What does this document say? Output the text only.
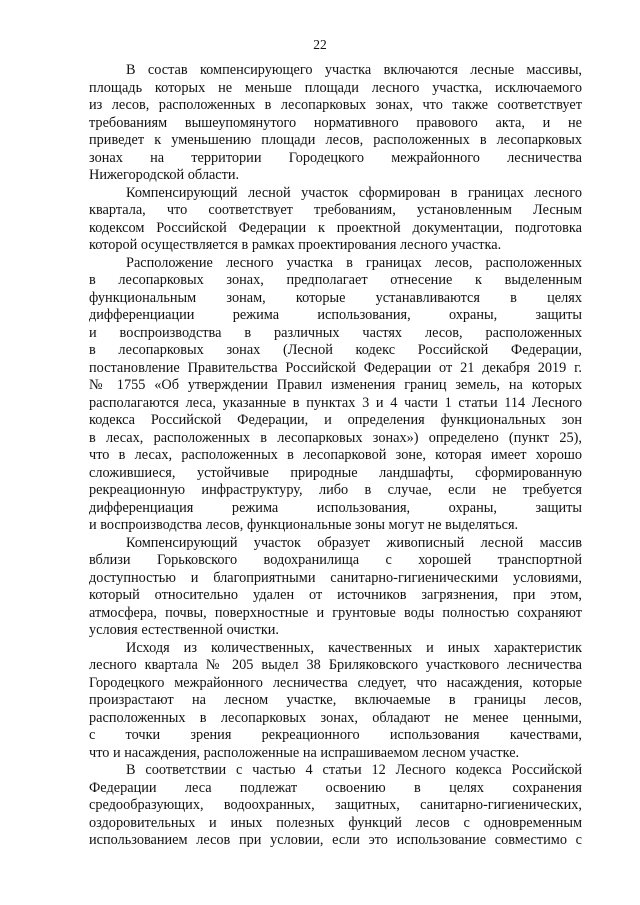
22
В состав компенсирующего участка включаются лесные массивы,
площадь которых не меньше площади лесного участка, исключаемого
из лесов, расположенных в лесопарковых зонах, что также соответствует
требованиям вышеупомянутого нормативного правового акта, и не
приведет к уменьшению площади лесов, расположенных в лесопарковых
зонах на территории Городецкого межрайонного лесничества
Нижегородской области.
Компенсирующий лесной участок сформирован в границах лесного
квартала, что соответствует требованиям, установленным Лесным
кодексом Российской Федерации к проектной документации, подготовка
которой осуществляется в рамках проектирования лесного участка.
Расположение лесного участка в границах лесов, расположенных
в лесопарковых зонах, предполагает отнесение к выделенным
функциональным зонам, которые устанавливаются в целях
дифференциации режима использования, охраны, защиты
и воспроизводства в различных частях лесов, расположенных
в лесопарковых зонах (Лесной кодекс Российской Федерации,
постановление Правительства Российской Федерации от 21 декабря 2019 г.
№ 1755 «Об утверждении Правил изменения границ земель, на которых
располагаются леса, указанные в пунктах 3 и 4 части 1 статьи 114 Лесного
кодекса Российской Федерации, и определения функциональных зон
в лесах, расположенных в лесопарковых зонах») определено (пункт 25),
что в лесах, расположенных в лесопарковой зоне, которая имеет хорошо
сложившиеся, устойчивые природные ландшафты, сформированную
рекреационную инфраструктуру, либо в случае, если не требуется
дифференциация режима использования, охраны, защиты
и воспроизводства лесов, функциональные зоны могут не выделяться.
Компенсирующий участок образует живописный лесной массив
вблизи Горьковского водохранилища с хорошей транспортной
доступностью и благоприятными санитарно-гигиеническими условиями,
который относительно удален от источников загрязнения, при этом,
атмосфера, почвы, поверхностные и грунтовые воды полностью сохраняют
условия естественной очистки.
Исходя из количественных, качественных и иных характеристик
лесного квартала № 205 выдел 38 Бриляковского участкового лесничества
Городецкого межрайонного лесничества следует, что насаждения, которые
произрастают на лесном участке, включаемые в границы лесов,
расположенных в лесопарковых зонах, обладают не менее ценными,
с точки зрения рекреационного использования качествами,
что и насаждения, расположенные на испрашиваемом лесном участке.
В соответствии с частью 4 статьи 12 Лесного кодекса Российской
Федерации леса подлежат освоению в целях сохранения
средообразующих, водоохранных, защитных, санитарно-гигиенических,
оздоровительных и иных полезных функций лесов с одновременным
использованием лесов при условии, если это использование совместимо с
